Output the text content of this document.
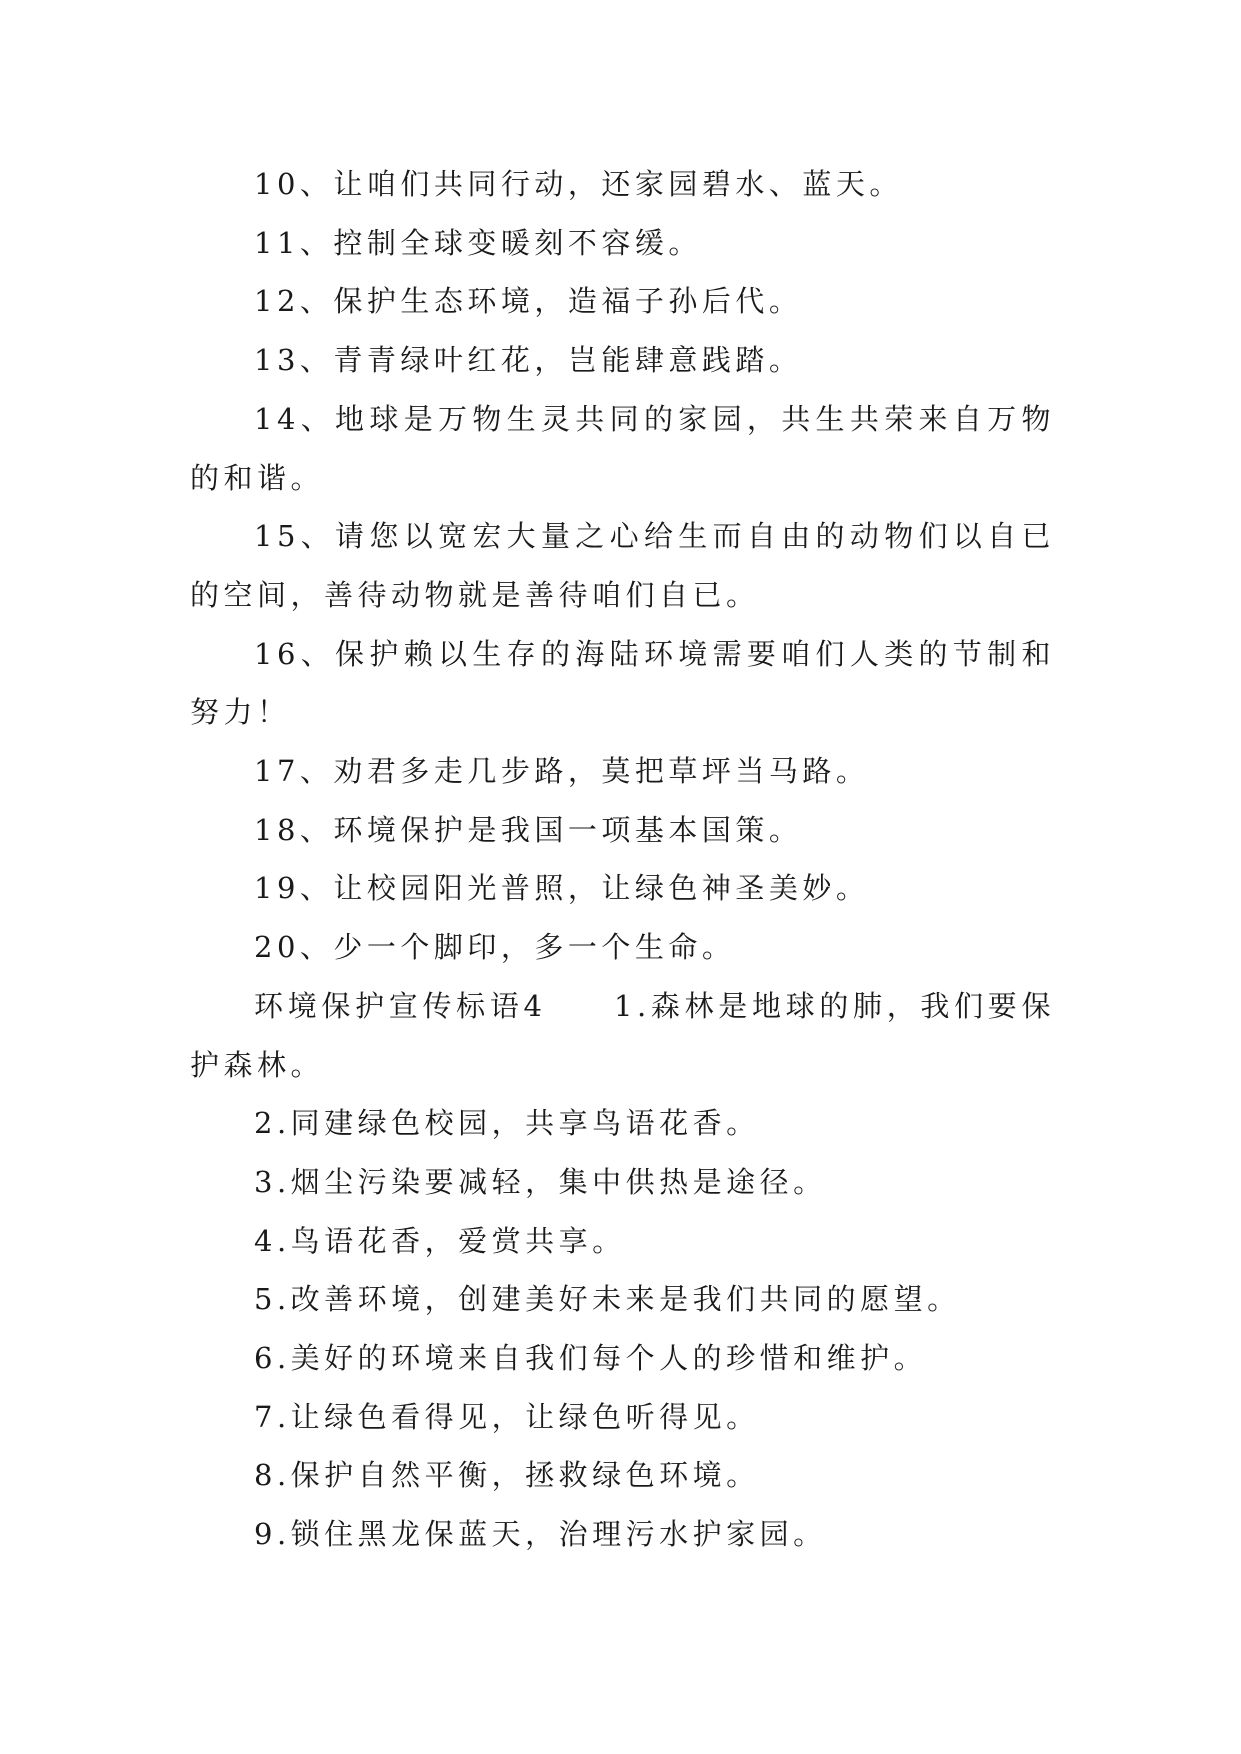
10、让咱们共同行动，还家园碧水、蓝天。

11、控制全球变暖刻不容缓。

12、保护生态环境，造福子孙后代。

13、青青绿叶红花，岂能肆意践踏。

14、地球是万物生灵共同的家园，共生共荣来自万物的和谐。

15、请您以宽宏大量之心给生而自由的动物们以自已的空间，善待动物就是善待咱们自已。

16、保护赖以生存的海陆环境需要咱们人类的节制和努力！

17、劝君多走几步路，莫把草坪当马路。

18、环境保护是我国一项基本国策。

19、让校园阳光普照，让绿色神圣美妙。

20、少一个脚印，多一个生命。

环境保护宣传标语4　　1.森林是地球的肺，我们要保护森林。

2.同建绿色校园，共享鸟语花香。

3.烟尘污染要减轻，集中供热是途径。

4.鸟语花香，爱赏共享。

5.改善环境，创建美好未来是我们共同的愿望。

6.美好的环境来自我们每个人的珍惜和维护。

7.让绿色看得见，让绿色听得见。

8.保护自然平衡，拯救绿色环境。

9.锁住黑龙保蓝天，治理污水护家园。
